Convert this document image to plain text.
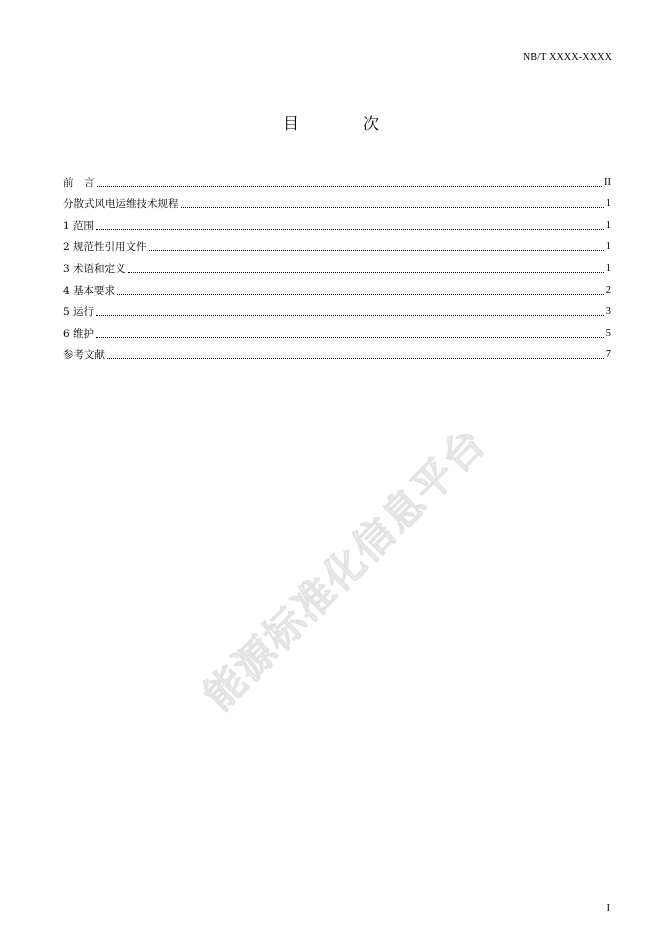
NB/T XXXX-XXXX
目　次
前　言	II
分散式风电运维技术规程	1
1 范围	1
2 规范性引用文件	1
3 术语和定义	1
4 基本要求	2
5 运行	3
6 维护	5
参考文献	7
能源标准化信息平台
I
